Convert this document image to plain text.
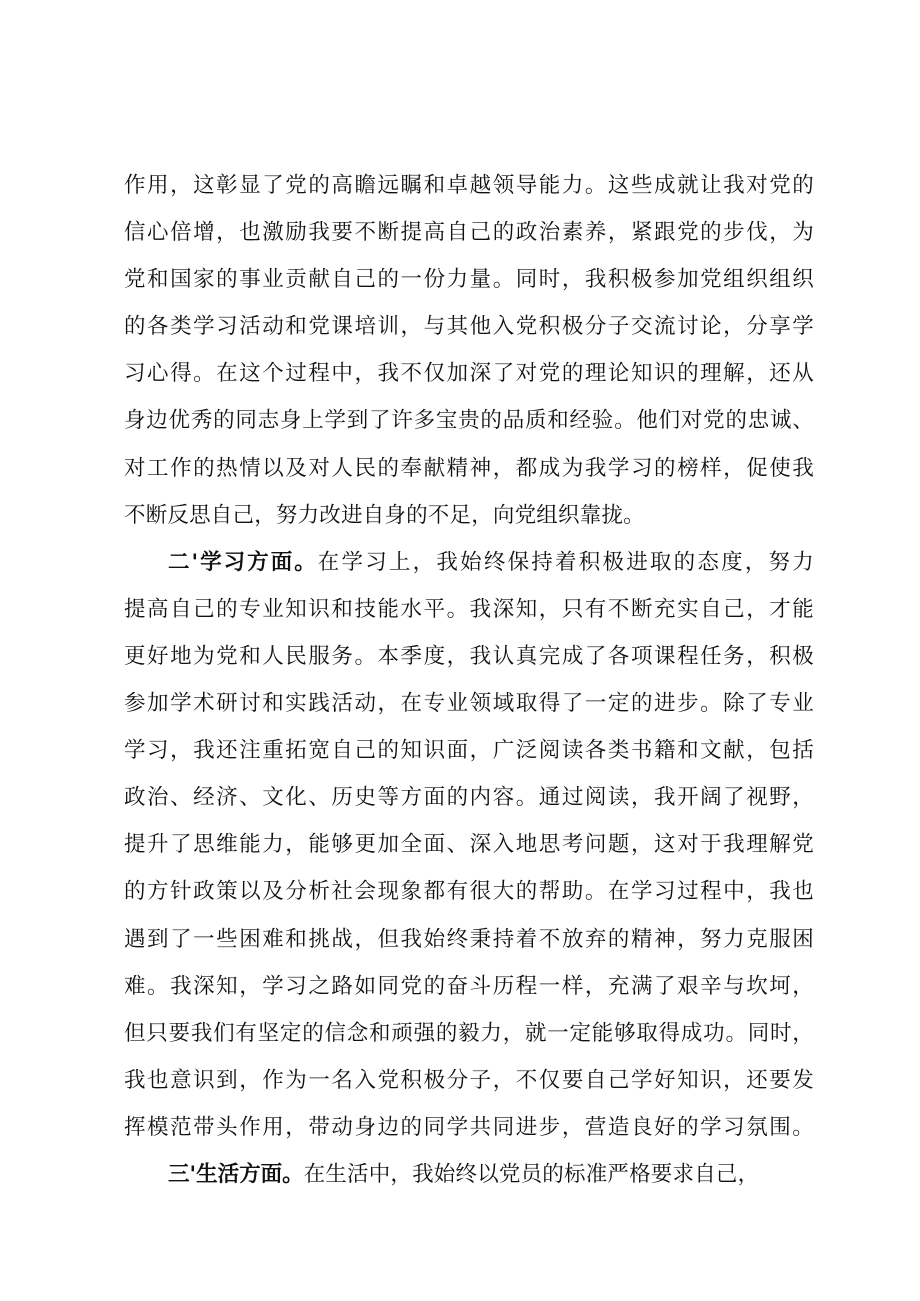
作用，这彰显了党的高瞻远瞩和卓越领导能力。这些成就让我对党的
信心倍增，也激励我要不断提高自己的政治素养，紧跟党的步伐，为
党和国家的事业贡献自己的一份力量。同时，我积极参加党组织组织
的各类学习活动和党课培训，与其他入党积极分子交流讨论，分享学
习心得。在这个过程中，我不仅加深了对党的理论知识的理解，还从
身边优秀的同志身上学到了许多宝贵的品质和经验。他们对党的忠诚、
对工作的热情以及对人民的奉献精神，都成为我学习的榜样，促使我
不断反思自己，努力改进自身的不足，向党组织靠拢。
二'学习方面。在学习上，我始终保持着积极进取的态度，努力
提高自己的专业知识和技能水平。我深知，只有不断充实自己，才能
更好地为党和人民服务。本季度，我认真完成了各项课程任务，积极
参加学术研讨和实践活动，在专业领域取得了一定的进步。除了专业
学习，我还注重拓宽自己的知识面，广泛阅读各类书籍和文献，包括
政治、经济、文化、历史等方面的内容。通过阅读，我开阔了视野，
提升了思维能力，能够更加全面、深入地思考问题，这对于我理解党
的方针政策以及分析社会现象都有很大的帮助。在学习过程中，我也
遇到了一些困难和挑战，但我始终秉持着不放弃的精神，努力克服困
难。我深知，学习之路如同党的奋斗历程一样，充满了艰辛与坎坷，
但只要我们有坚定的信念和顽强的毅力，就一定能够取得成功。同时，
我也意识到，作为一名入党积极分子，不仅要自己学好知识，还要发
挥模范带头作用，带动身边的同学共同进步，营造良好的学习氛围。
三'生活方面。在生活中，我始终以党员的标准严格要求自己，
